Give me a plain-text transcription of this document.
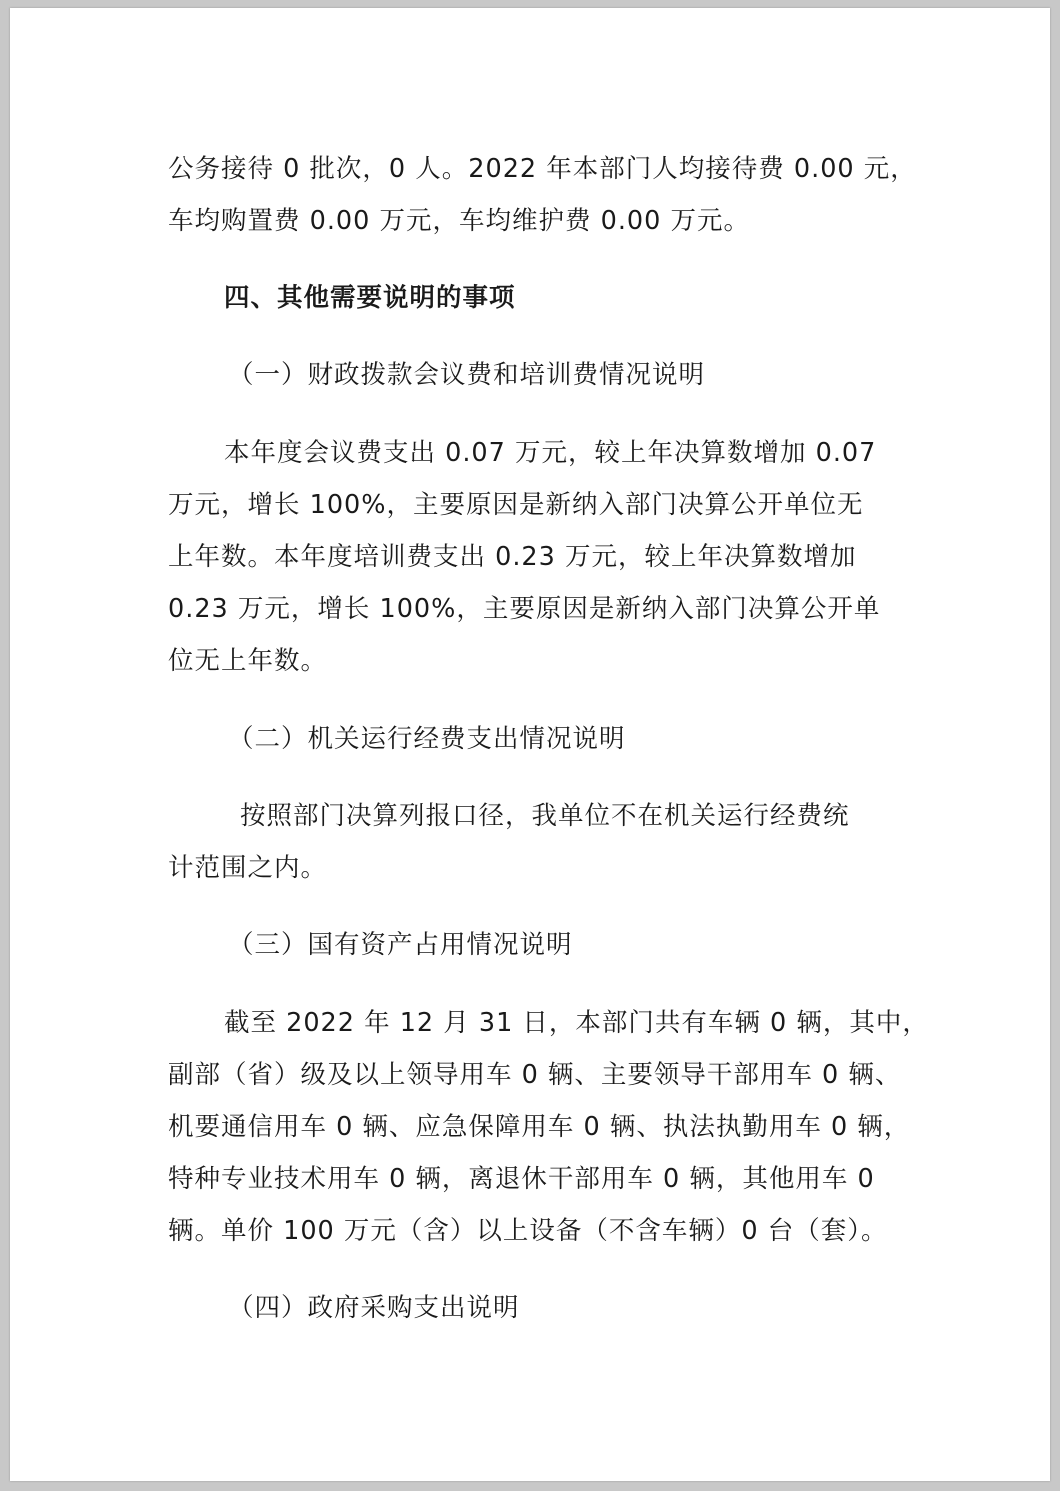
公务接待 0 批次，0 人。2022 年本部门人均接待费 0.00 元，
车均购置费 0.00 万元，车均维护费 0.00 万元。
四、其他需要说明的事项
（一）财政拨款会议费和培训费情况说明
本年度会议费支出 0.07 万元，较上年决算数增加 0.07
万元，增长 100%，主要原因是新纳入部门决算公开单位无
上年数。本年度培训费支出 0.23 万元，较上年决算数增加
0.23 万元，增长 100%，主要原因是新纳入部门决算公开单
位无上年数。
（二）机关运行经费支出情况说明
按照部门决算列报口径，我单位不在机关运行经费统
计范围之内。
（三）国有资产占用情况说明
截至 2022 年 12 月 31 日，本部门共有车辆 0 辆，其中，
副部（省）级及以上领导用车 0 辆、主要领导干部用车 0 辆、
机要通信用车 0 辆、应急保障用车 0 辆、执法执勤用车 0 辆，
特种专业技术用车 0 辆，离退休干部用车 0 辆，其他用车 0
辆。单价 100 万元（含）以上设备（不含车辆）0 台（套）。
（四）政府采购支出说明
